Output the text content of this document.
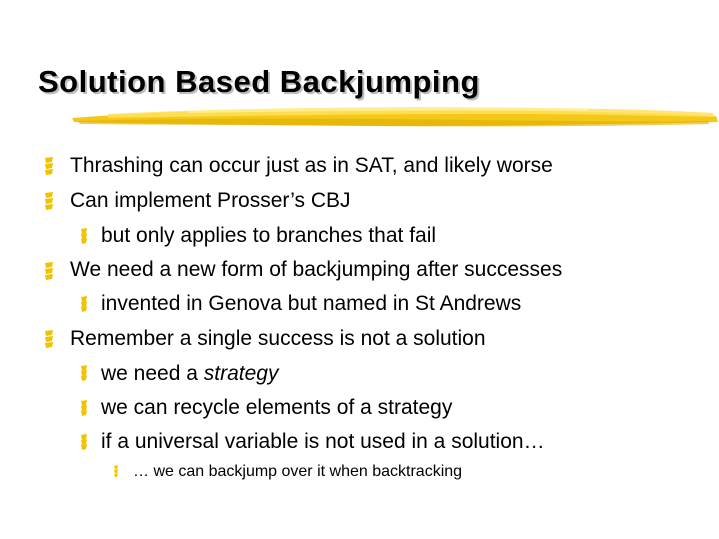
Solution Based Backjumping
Thrashing can occur just as in SAT, and likely worse
Can implement Prosser’s CBJ
but only applies to branches that fail
We need a new form of backjumping after successes
invented in Genova but named in St Andrews
Remember a single success is not a solution
we need a strategy
we can recycle elements of a strategy
if a universal variable is not used in a solution…
… we can backjump over it when backtracking
